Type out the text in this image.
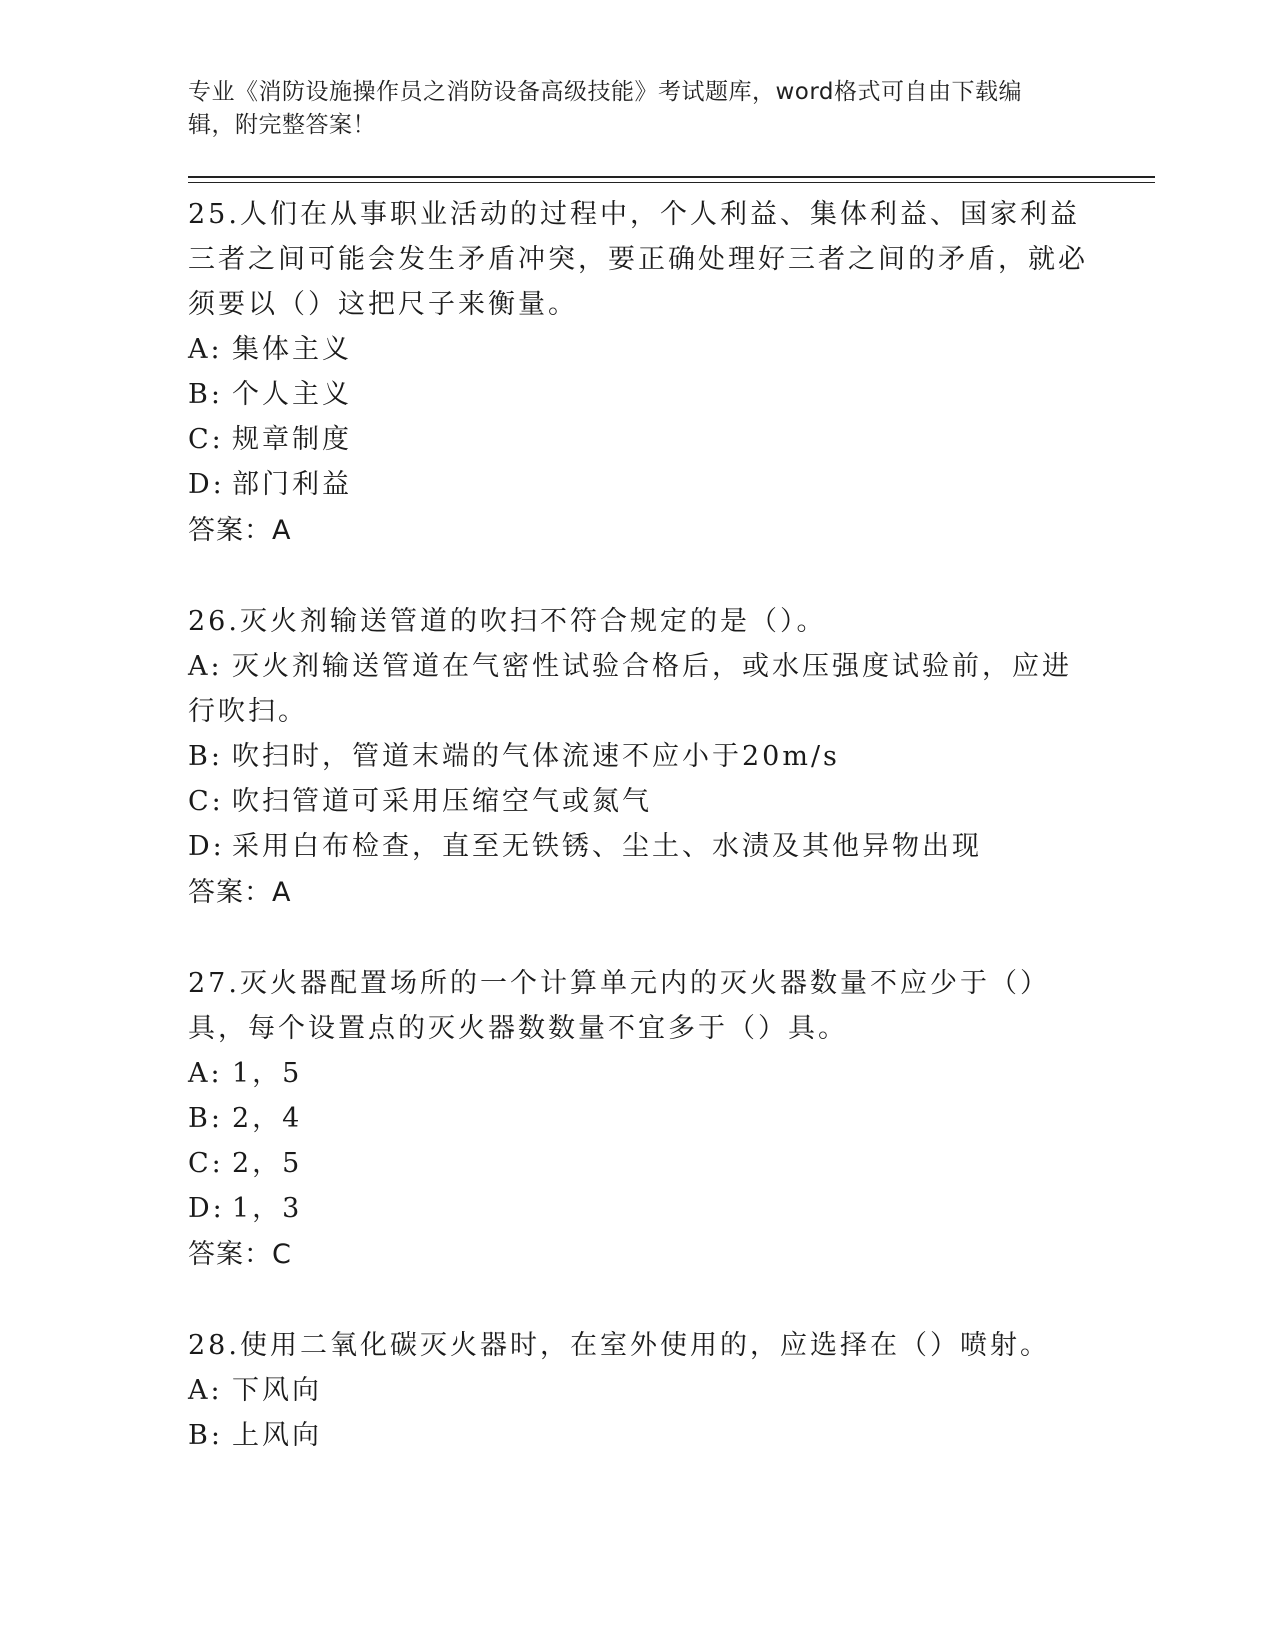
专业《消防设施操作员之消防设备高级技能》考试题库，word格式可自由下载编辑，附完整答案！

25.人们在从事职业活动的过程中，个人利益、集体利益、国家利益三者之间可能会发生矛盾冲突，要正确处理好三者之间的矛盾，就必须要以（）这把尺子来衡量。

A: 集体主义

B: 个人主义

C: 规章制度

D: 部门利益

答案：A

26.灭火剂输送管道的吹扫不符合规定的是（）。

A: 灭火剂输送管道在气密性试验合格后，或水压强度试验前，应进行吹扫。

B: 吹扫时，管道末端的气体流速不应小于20m/s

C: 吹扫管道可采用压缩空气或氮气

D: 采用白布检查，直至无铁锈、尘土、水渍及其他异物出现

答案：A

27.灭火器配置场所的一个计算单元内的灭火器数量不应少于（）具，每个设置点的灭火器数数量不宜多于（）具。

A: 1，5

B: 2，4

C: 2，5

D: 1，3

答案：C

28.使用二氧化碳灭火器时，在室外使用的，应选择在（）喷射。

A: 下风向

B: 上风向
